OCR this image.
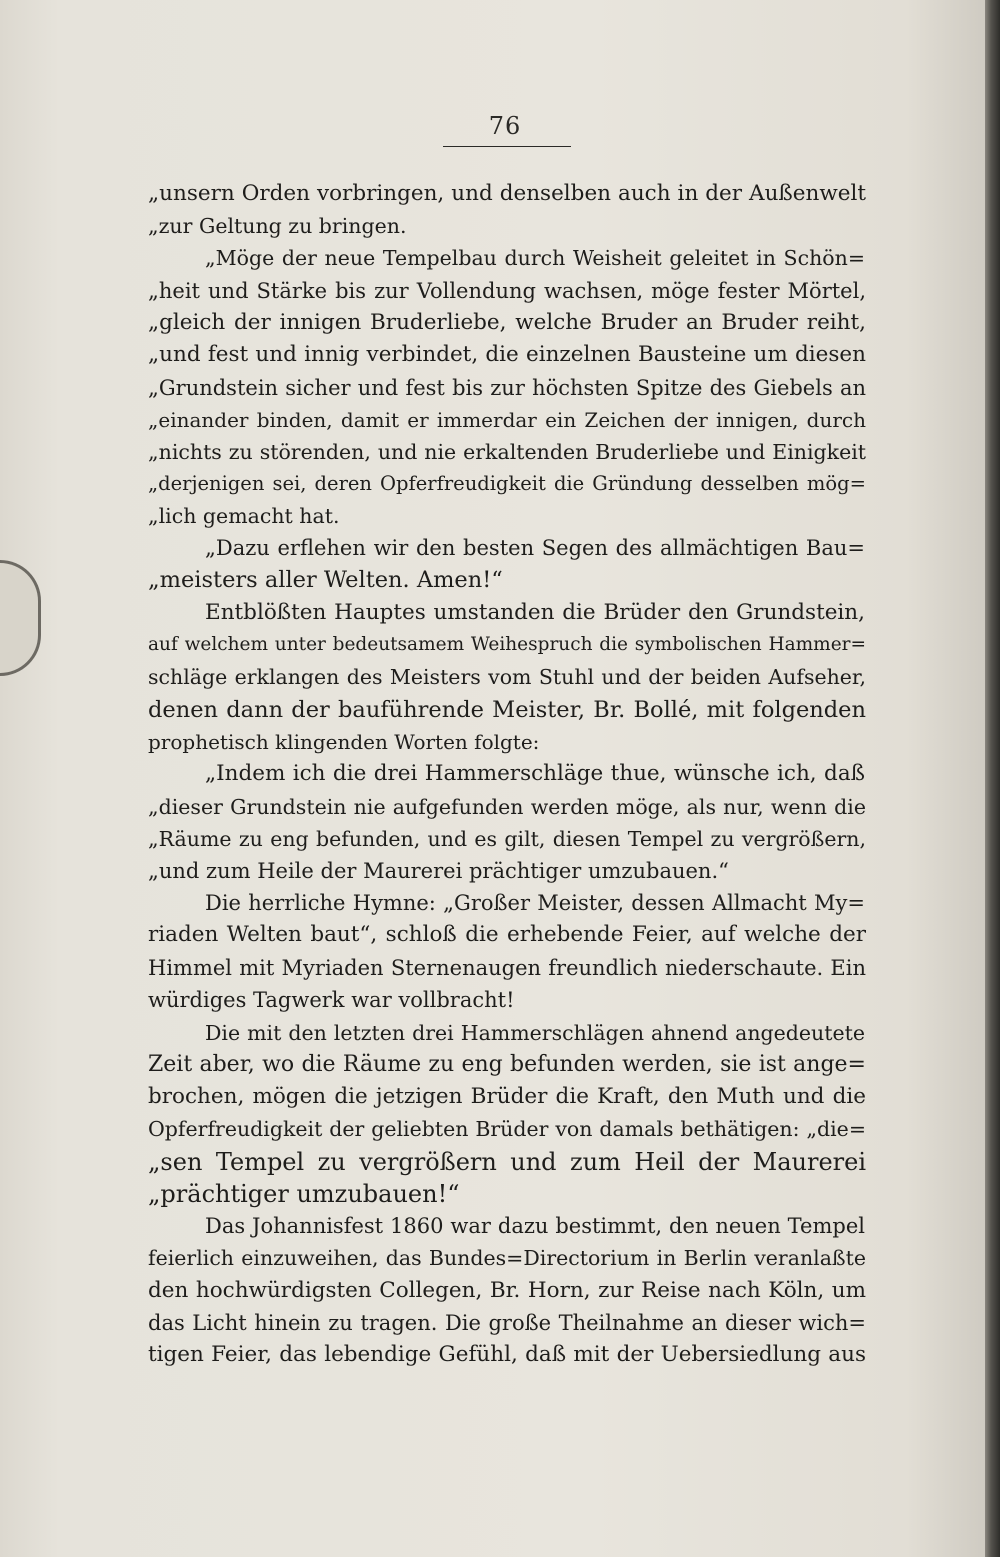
76
„unsern Orden vorbringen, und denselben auch in der Außenwelt
„zur Geltung zu bringen.
„Möge der neue Tempelbau durch Weisheit geleitet in Schön=
„heit und Stärke bis zur Vollendung wachsen, möge fester Mörtel,
„gleich der innigen Bruderliebe, welche Bruder an Bruder reiht,
„und fest und innig verbindet, die einzelnen Bausteine um diesen
„Grundstein sicher und fest bis zur höchsten Spitze des Giebels an
„einander binden, damit er immerdar ein Zeichen der innigen, durch
„nichts zu störenden, und nie erkaltenden Bruderliebe und Einigkeit
„derjenigen sei, deren Opferfreudigkeit die Gründung desselben mög=
„lich gemacht hat.
„Dazu erflehen wir den besten Segen des allmächtigen Bau=
„meisters aller Welten. Amen!“
Entblößten Hauptes umstanden die Brüder den Grundstein,
auf welchem unter bedeutsamem Weihespruch die symbolischen Hammer=
schläge erklangen des Meisters vom Stuhl und der beiden Aufseher,
denen dann der bauführende Meister, Br. Bollé, mit folgenden
prophetisch klingenden Worten folgte:
„Indem ich die drei Hammerschläge thue, wünsche ich, daß
„dieser Grundstein nie aufgefunden werden möge, als nur, wenn die
„Räume zu eng befunden, und es gilt, diesen Tempel zu vergrößern,
„und zum Heile der Maurerei prächtiger umzubauen.“
Die herrliche Hymne: „Großer Meister, dessen Allmacht My=
riaden Welten baut“, schloß die erhebende Feier, auf welche der
Himmel mit Myriaden Sternenaugen freundlich niederschaute. Ein
würdiges Tagwerk war vollbracht!
Die mit den letzten drei Hammerschlägen ahnend angedeutete
Zeit aber, wo die Räume zu eng befunden werden, sie ist ange=
brochen, mögen die jetzigen Brüder die Kraft, den Muth und die
Opferfreudigkeit der geliebten Brüder von damals bethätigen: „die=
„sen Tempel zu vergrößern und zum Heil der Maurerei
„prächtiger umzubauen!“
Das Johannisfest 1860 war dazu bestimmt, den neuen Tempel
feierlich einzuweihen, das Bundes=Directorium in Berlin veranlaßte
den hochwürdigsten Collegen, Br. Horn, zur Reise nach Köln, um
das Licht hinein zu tragen. Die große Theilnahme an dieser wich=
tigen Feier, das lebendige Gefühl, daß mit der Uebersiedlung aus
